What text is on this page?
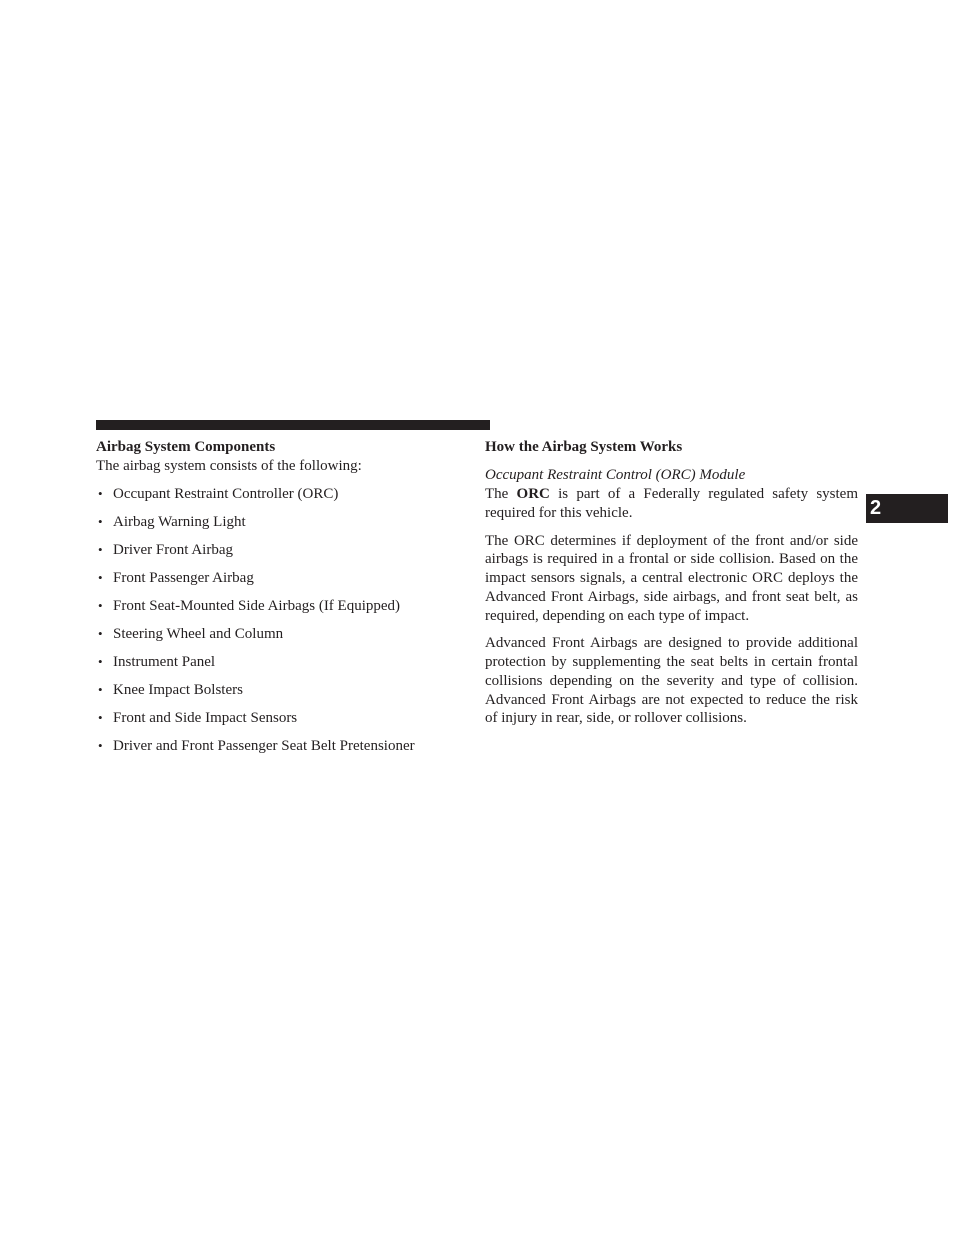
Airbag System Components

The airbag system consists of the following:

• Occupant Restraint Controller (ORC)
• Airbag Warning Light
• Driver Front Airbag
• Front Passenger Airbag
• Front Seat-Mounted Side Airbags (If Equipped)
• Steering Wheel and Column
• Instrument Panel
• Knee Impact Bolsters
• Front and Side Impact Sensors
• Driver and Front Passenger Seat Belt Pretensioner
How the Airbag System Works

Occupant Restraint Control (ORC) Module

The ORC is part of a Federally regulated safety system required for this vehicle.

The ORC determines if deployment of the front and/or side airbags is required in a frontal or side collision. Based on the impact sensors signals, a central electronic ORC deploys the Advanced Front Airbags, side airbags, and front seat belt, as required, depending on each type of impact.

Advanced Front Airbags are designed to provide additional protection by supplementing the seat belts in certain frontal collisions depending on the severity and type of collision. Advanced Front Airbags are not expected to reduce the risk of injury in rear, side, or rollover collisions.

2
